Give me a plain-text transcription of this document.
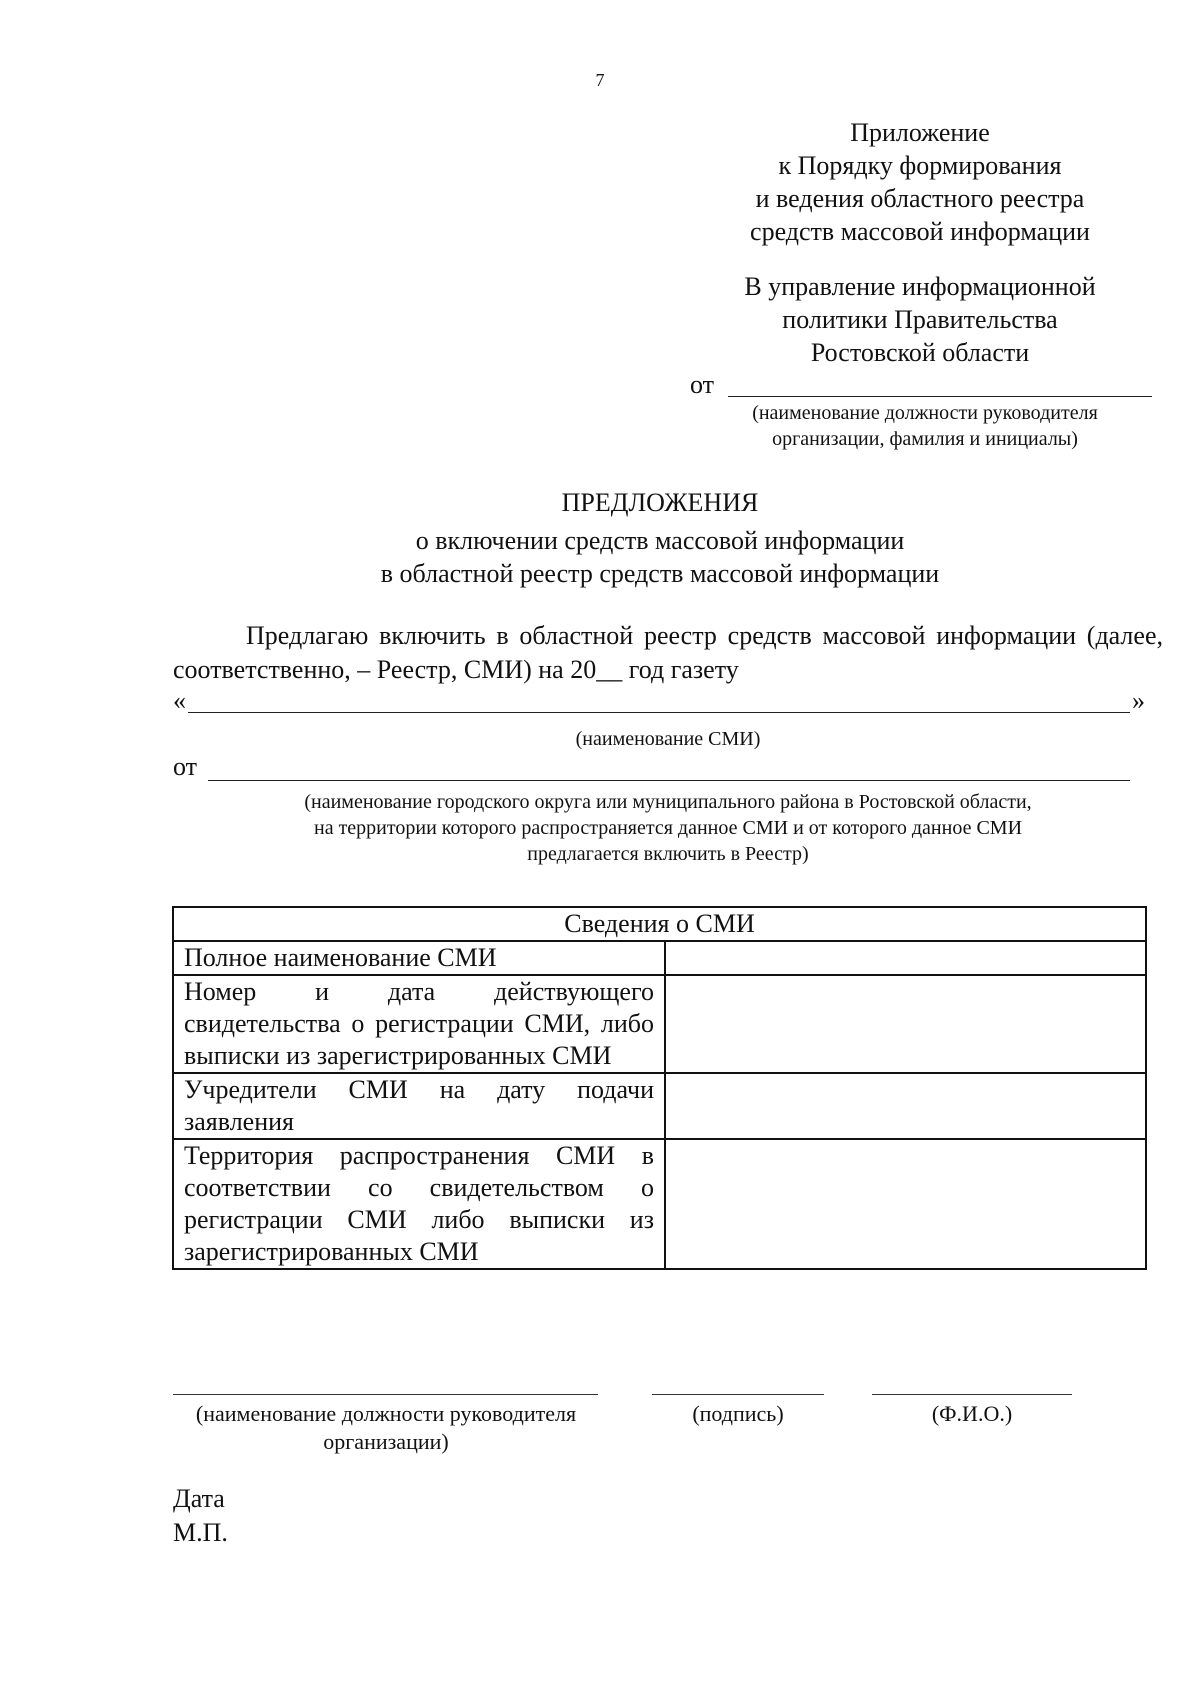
7
Приложение
к Порядку формирования
и ведения областного реестра
средств массовой информации
В управление информационной
политики Правительства
Ростовской области
от
(наименование должности руководителя
организации, фамилия и инициалы)
ПРЕДЛОЖЕНИЯ
о включении средств массовой информации
в областной реестр средств массовой информации
Предлагаю включить в областной реестр средств массовой информации (далее, соответственно, – Реестр, СМИ) на 20__ год газету
«	»
(наименование СМИ)
от
(наименование городского округа или муниципального района в Ростовской области,
на территории которого распространяется данное СМИ и от которого данное СМИ
предлагается включить в Реестр)
Сведения о СМИ	
Полное наименование СМИ	
Номер и дата действующего свидетельства о регистрации СМИ, либо выписки из зарегистрированных СМИ	
Учредители СМИ на дату подачи заявления	
Территория распространения СМИ в соответствии со свидетельством о регистрации СМИ либо выписки из зарегистрированных СМИ	
(наименование должности руководителя
организации)
(подпись)	(Ф.И.О.)
Дата
М.П.
